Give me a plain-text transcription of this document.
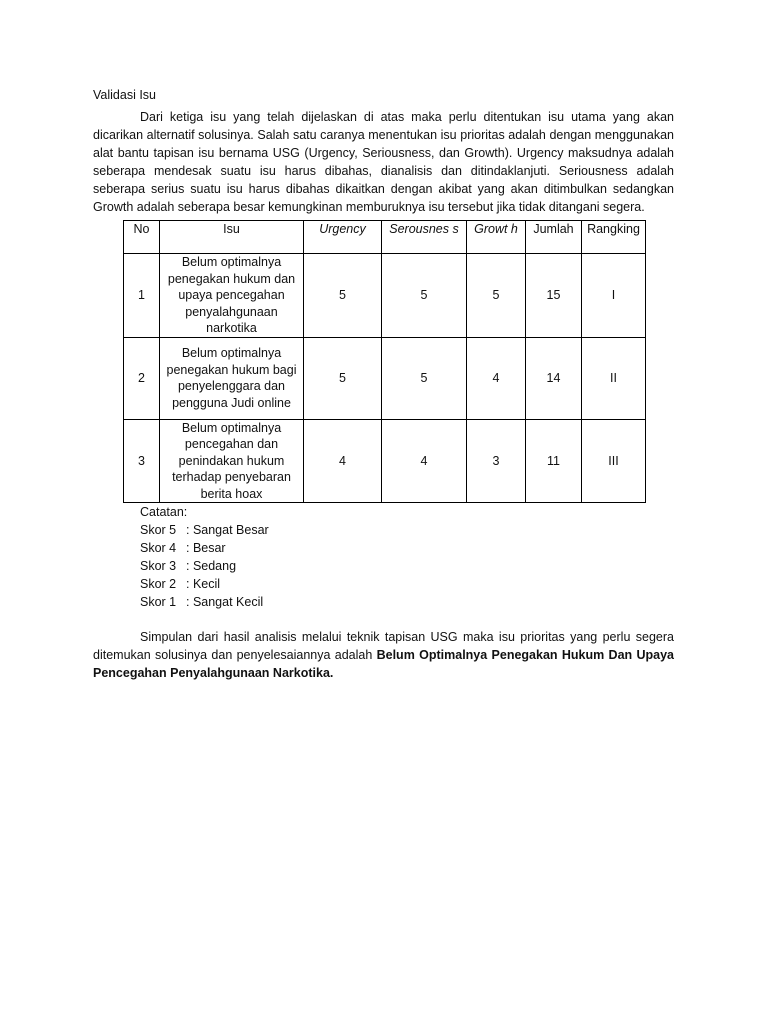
Validasi Isu

Dari ketiga isu yang telah dijelaskan di atas maka perlu ditentukan isu utama yang akan dicarikan alternatif solusinya. Salah satu caranya menentukan isu prioritas adalah dengan menggunakan alat bantu tapisan isu bernama USG (Urgency, Seriousness, dan Growth). Urgency maksudnya adalah seberapa mendesak suatu isu harus dibahas, dianalisis dan ditindaklanjuti. Seriousness adalah seberapa serius suatu isu harus dibahas dikaitkan dengan akibat yang akan ditimbulkan sedangkan Growth adalah seberapa besar kemungkinan memburuknya isu tersebut jika tidak ditangani segera.

No	Isu	Urgency	Serousnes s	Growt h	Jumlah	Rangking
1	Belum optimalnya penegakan hukum dan upaya pencegahan penyalahgunaan narkotika	5	5	5	15	I
2	Belum optimalnya penegakan hukum bagi penyelenggara dan pengguna Judi online	5	5	4	14	II
3	Belum optimalnya pencegahan dan penindakan hukum terhadap penyebaran berita hoax	4	4	3	11	III

Catatan:

Skor 5 : Sangat Besar

Skor 4 : Besar

Skor 3 : Sedang

Skor 2 : Kecil

Skor 1 : Sangat Kecil

Simpulan dari hasil analisis melalui teknik tapisan USG maka isu prioritas yang perlu segera ditemukan solusinya dan penyelesaiannya adalah Belum Optimalnya Penegakan Hukum Dan Upaya Pencegahan Penyalahgunaan Narkotika.
